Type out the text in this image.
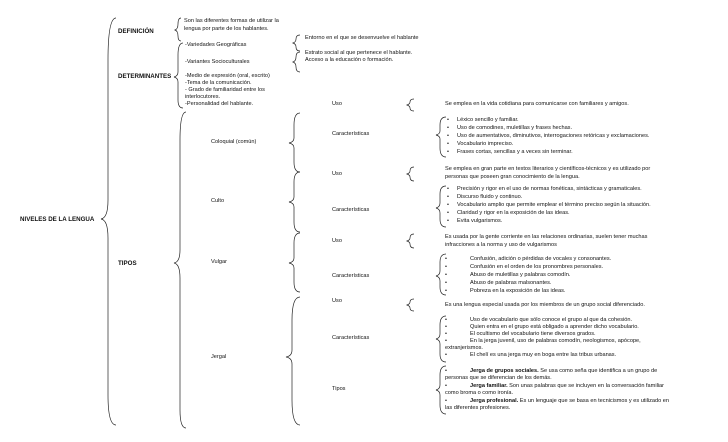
NIVELES DE LA LENGUA
DEFINICIÓN
Son las diferentes formas de utilizar la
lengua por parte de los hablantes.
DETERMINANTES
-Variedades Geográficas
Entorno en el que se desenvuelve el hablante
-Variantes Socioculturales
Estrato social al que pertenece el hablante.
Acceso a la educación o formación.
-Medio de expresión (oral, escrito)
-Tema de la comunicación.
- Grado de familiaridad entre los
interlocutores.
-Personalidad del hablante.
TIPOS
Coloquial (común)
Uso	Se emplea en la vida cotidiana para comunicarse con familiares y amigos.
Características
• Léxico sencillo y familiar.
• Uso de comodines, muletillas y frases hechas.
• Uso de aumentativos, diminutivos, interrogaciones retóricas y exclamaciones.
• Vocabulario impreciso.
• Frases cortas, sencillas y a veces sin terminar.
Culto
Uso
Se emplea en gran parte en textos literarios y científicos-técnicos y es utilizado por
personas que poseen gran conocimiento de la lengua.
Características
• Precisión y rigor en el uso de normas fonéticas, sintácticas y gramaticales.
• Discurso fluido y continuo.
• Vocabulario amplio que permite emplear el término preciso según la situación.
• Claridad y rigor en la exposición de las ideas.
• Evita vulgarismos.
Vulgar
Uso
Es usada por la gente corriente en las relaciones ordinarias, suelen tener muchas
infracciones a la norma y uso de vulgarismos
Características
•	Confusión, adición o pérdidas de vocales y consonantes.
•	Confusión en el orden de los pronombres personales.
•	Abuso de muletillas y palabras comodín.
•	Abuso de palabras malsonantes.
•	Pobreza en la exposición de las ideas.
Jergal
Uso
Es una lengua especial usada por los miembros de un grupo social diferenciado.
Características
•	Uso de vocabulario que sólo conoce el grupo al que da cohesión.
•	Quien entra en el grupo está obligado a aprender dicho vocabulario.
•	El ocultismo del vocabulario tiene diversos grados.
•	En la jerga juvenil, uso de palabras comodín, neologismos, apócope,
extranjerismos.
•	El chelí es una jerga muy en boga entre las tribus urbanas.
Tipos
•	Jerga de grupos sociales. Se usa como seña que identifica a un grupo de
personas que se diferencian de los demás.
•	Jerga familiar. Son unas palabras que se incluyen en la conversación familiar
como broma o como ironía.
•	Jerga profesional. Es un lenguaje que se basa en tecnicismos y es utilizado en
las diferentes profesiones.
